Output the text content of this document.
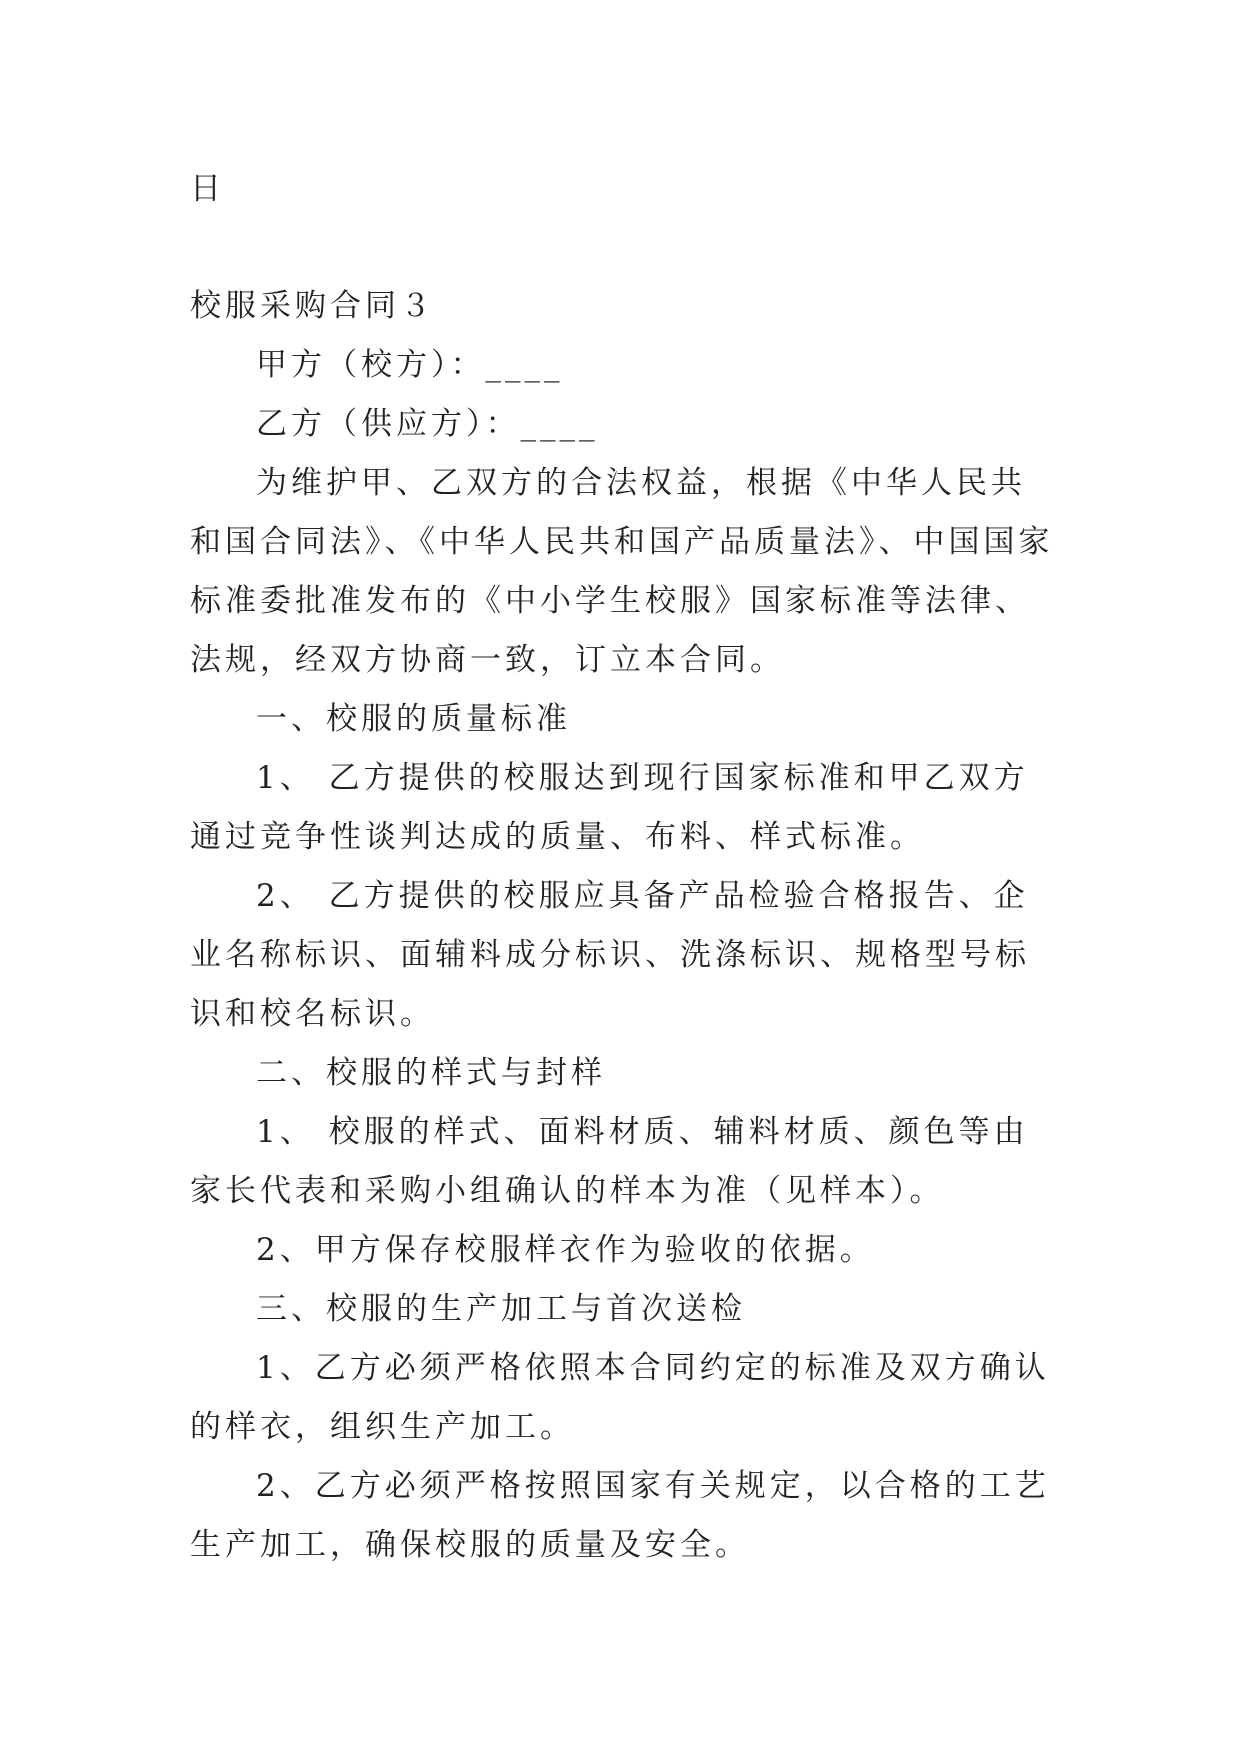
日

校服采购合同３

甲方（校方）：____

乙方（供应方）：____

为维护甲、乙双方的合法权益，根据《中华人民共和国合同法》、《中华人民共和国产品质量法》、中国国家标准委批准发布的《中小学生校服》国家标准等法律、法规，经双方协商一致，订立本合同。

一、校服的质量标准

1、 乙方提供的校服达到现行国家标准和甲乙双方通过竞争性谈判达成的质量、布料、样式标准。

2、 乙方提供的校服应具备产品检验合格报告、企业名称标识、面辅料成分标识、洗涤标识、规格型号标识和校名标识。

二、校服的样式与封样

1、 校服的样式、面料材质、辅料材质、颜色等由家长代表和采购小组确认的样本为准（见样本）。

2、甲方保存校服样衣作为验收的依据。

三、校服的生产加工与首次送检

1、乙方必须严格依照本合同约定的标准及双方确认的样衣，组织生产加工。

2、乙方必须严格按照国家有关规定，以合格的工艺生产加工，确保校服的质量及安全。
